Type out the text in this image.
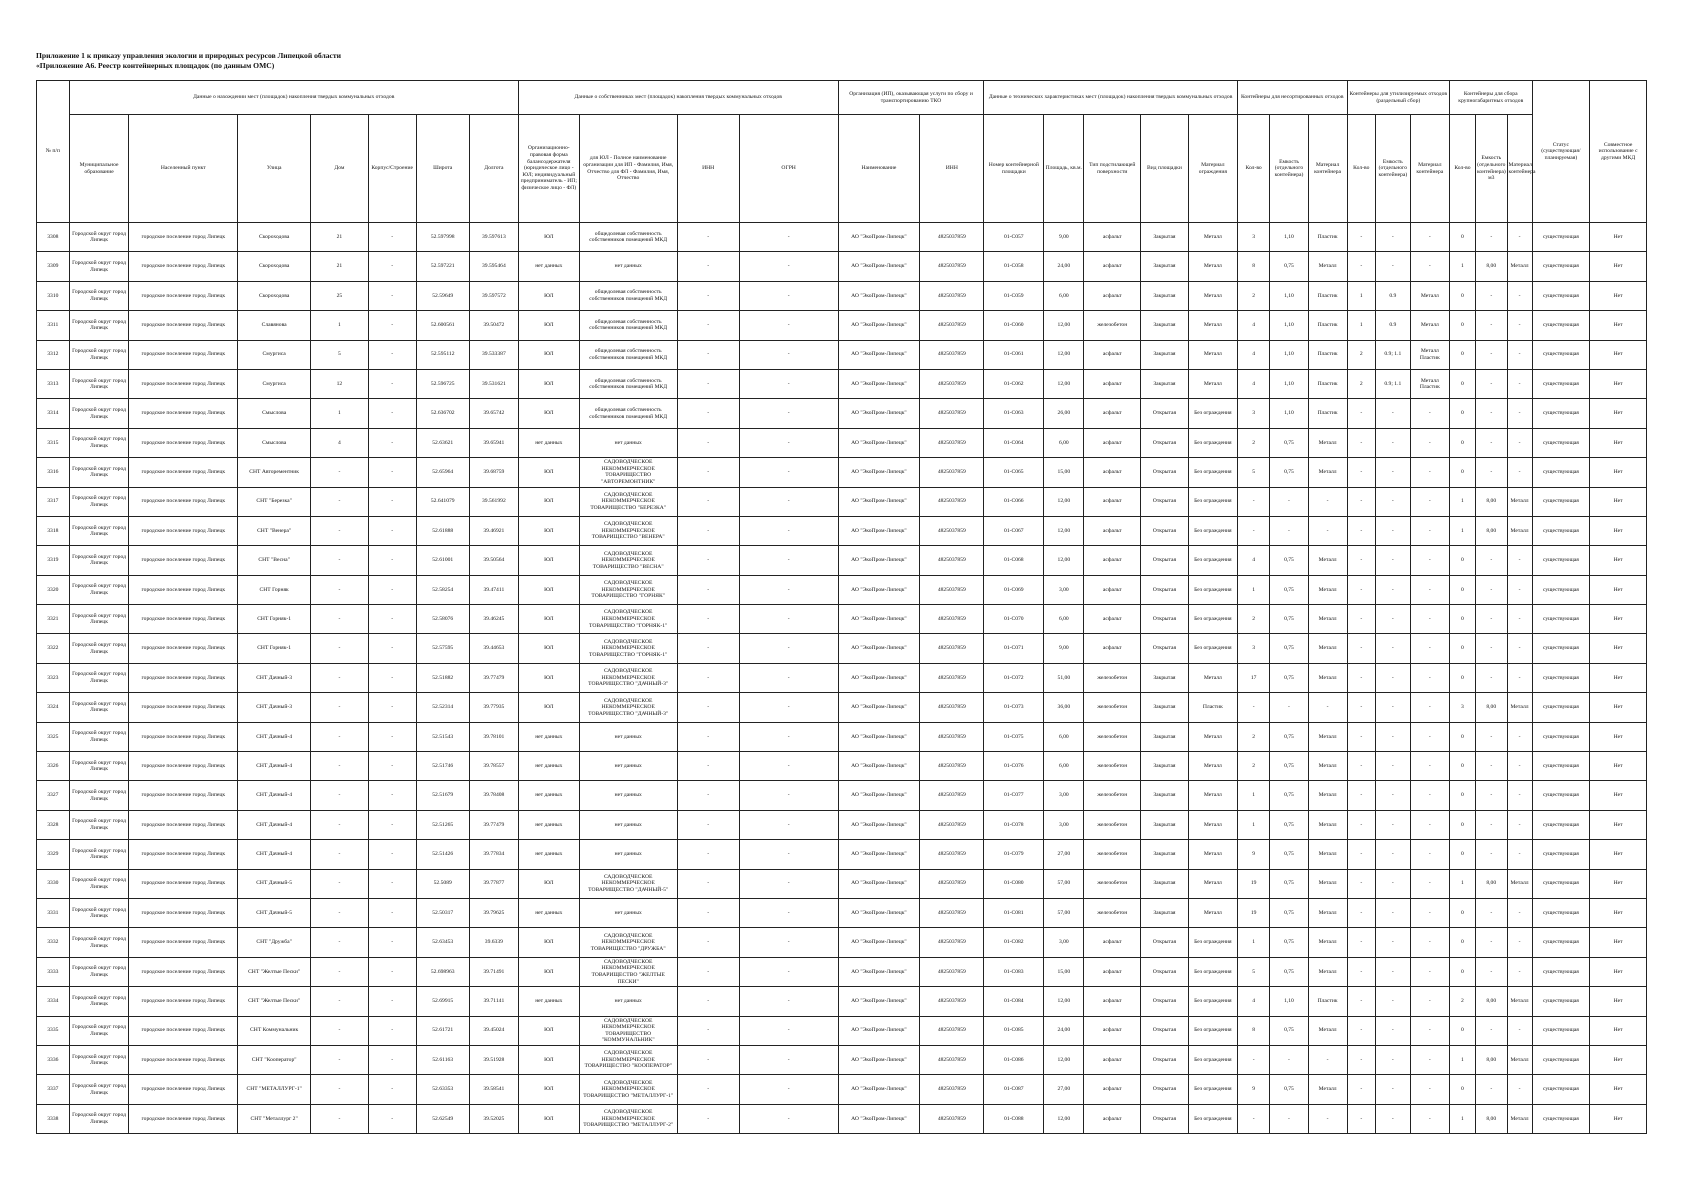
Приложение 1 к приказу управления экологии и природных ресурсов Липецкой области
«Приложение А6. Реестр контейнерных площадок (по данным ОМС)
№ п/п	Данные о нахождении мест (площадок) накопления твердых коммунальных отходов							Данные о собственниках мест (площадок) накопления твердых коммунальных отходов				Организация (ИП), оказывающая услуги по сбору и транспортированию ТКО		Данные о технических характеристиках мест (площадок) накопления твердых коммунальных отходов					Контейнеры для несортированных отходов			Контейнеры для утилизируемых отходов (раздельный сбор)			Контейнеры для сбора крупногабаритных отходов			Статус (существующая/планируемая)	Совместное использование с другими МКД
	Муниципальное образование	Населенный пункт	Улица	Дом	Корпус/Строение	Широта	Долгота	Организационно-правовая форма балансодержателя (юридическое лицо - ЮЛ; индивидуальный предприниматель - ИП; физическое лицо - ФЛ)	для ЮЛ - Полное наименование организации для ИП - Фамилия, Имя, Отчество для ФЛ - Фамилия, Имя, Отчество	ИНН	ОГРН	Наименование	ИНН	Номер контейнерной площадки	Площадь, кв.м.	Тип подстилающей поверхности	Вид площадки	Материал ограждения	Кол-во	Емкость (отдельного контейнера)	Материал контейнера	Кол-во	Емкость (отдельного контейнера)	Материал контейнера	Кол-во	Емкость (отдельного контейнера) м3	Материал контейнера		

3308	Городской округ город Липецк	городское поселение город Липецк	Скороходова	21	-	52.597998	39.597613	ЮЛ	общедолевая собственность собственников помещений МКД	-	-	АО "ЭкоПром-Липецк"	4825037859	01-С057	9,00	асфальт	Закрытая	Металл	3	1,10	Пластик	-	-	-	0	-	-	существующая	Нет

3309	Городской округ город Липецк	городское поселение город Липецк	Скороходова	21	-	52.597221	39.595464	нет данных	нет данных	-	-	АО "ЭкоПром-Липецк"	4825037859	01-С058	24,00	асфальт	Закрытая	Металл	8	0,75	Металл	-	-	-	1	8,00	Металл	существующая	Нет

3310	Городской округ город Липецк	городское поселение город Липецк	Скороходова	25	-	52.59649	39.597572	ЮЛ	общедолевая собственность собственников помещений МКД	-	-	АО "ЭкоПром-Липецк"	4825037859	01-С059	6,00	асфальт	Закрытая	Металл	2	1,10	Пластик	1	0.9	Металл	0	-	-	существующая	Нет

3311	Городской округ город Липецк	городское поселение город Липецк	Славянова	1	-	52.600561	39.50472	ЮЛ	общедолевая собственность собственников помещений МКД	-	-	АО "ЭкоПром-Липецк"	4825037859	01-С060	12,00	железобетон	Закрытая	Металл	4	1,10	Пластик	1	0.9	Металл	0	-	-	существующая	Нет

3312	Городской округ город Липецк	городское поселение город Липецк	Смургиса	5	-	52.595112	39.533387	ЮЛ	общедолевая собственность собственников помещений МКД	-	-	АО "ЭкоПром-Липецк"	4825037859	01-С061	12,00	асфальт	Закрытая	Металл	4	1,10	Пластик	2	0.9; 1.1	Металл Пластик	0	-	-	существующая	Нет

3313	Городской округ город Липецк	городское поселение город Липецк	Смургиса	12	-	52.596725	39.531621	ЮЛ	общедолевая собственность собственников помещений МКД	-	-	АО "ЭкоПром-Липецк"	4825037859	01-С062	12,00	асфальт	Закрытая	Металл	4	1,10	Пластик	2	0.9; 1.1	Металл Пластик	0	-	-	существующая	Нет

3314	Городской округ город Липецк	городское поселение город Липецк	Смыслова	1	-	52.636702	39.65742	ЮЛ	общедолевая собственность собственников помещений МКД	-	-	АО "ЭкоПром-Липецк"	4825037859	01-С063	26,00	асфальт	Открытая	Без ограждения	3	1,10	Пластик	-	-	-	0	-	-	существующая	Нет

3315	Городской округ город Липецк	городское поселение город Липецк	Смыслова	4	-	52.63621	39.65941	нет данных	нет данных	-	-	АО "ЭкоПром-Липецк"	4825037859	01-С064	6,00	асфальт	Открытая	Без ограждения	2	0,75	Металл	-	-	-	0	-	-	существующая	Нет

3316	Городской округ город Липецк	городское поселение город Липецк	СНТ Авторементник	-	-	52.65964	39.68759	ЮЛ	САДОВОДЧЕСКОЕ НЕКОММЕРЧЕСКОЕ ТОВАРИЩЕСТВО "АВТОРЕМОНТНИК"	-	-	АО "ЭкоПром-Липецк"	4825037859	01-С065	15,00	асфальт	Открытая	Без ограждения	5	0,75	Металл	-	-	-	0	-	-	существующая	Нет

3317	Городской округ город Липецк	городское поселение город Липецк	СНТ "Березка"	-	-	52.641079	39.561992	ЮЛ	САДОВОДЧЕСКОЕ НЕКОММЕРЧЕСКОЕ ТОВАРИЩЕСТВО "БЕРЕЗКА"	-	-	АО "ЭкоПром-Липецк"	4825037859	01-С066	12,00	асфальт	Открытая	Без ограждения	-	-	-	-	-	-	1	8,00	Металл	существующая	Нет

3318	Городской округ город Липецк	городское поселение город Липецк	СНТ "Венера"	-	-	52.61888	39.46921	ЮЛ	САДОВОДЧЕСКОЕ НЕКОММЕРЧЕСКОЕ ТОВАРИЩЕСТВО "ВЕНЕРА"	-	-	АО "ЭкоПром-Липецк"	4825037859	01-С067	12,00	асфальт	Открытая	Без ограждения	-	-	-	-	-	-	1	8,00	Металл	существующая	Нет

3319	Городской округ город Липецк	городское поселение город Липецк	СНТ "Весна"	-	-	52.61001	39.50564	ЮЛ	САДОВОДЧЕСКОЕ НЕКОММЕРЧЕСКОЕ ТОВАРИЩЕСТВО "ВЕСНА"	-	-	АО "ЭкоПром-Липецк"	4825037859	01-С068	12,00	асфальт	Открытая	Без ограждения	4	0,75	Металл	-	-	-	0	-	-	существующая	Нет

3320	Городской округ город Липецк	городское поселение город Липецк	СНТ Горняк	-	-	52.58254	39.47411	ЮЛ	САДОВОДЧЕСКОЕ НЕКОММЕРЧЕСКОЕ ТОВАРИЩЕСТВО "ГОРНЯК"	-	-	АО "ЭкоПром-Липецк"	4825037859	01-С069	3,00	асфальт	Открытая	Без ограждения	1	0,75	Металл	-	-	-	0	-	-	существующая	Нет

3321	Городской округ город Липецк	городское поселение город Липецк	СНТ Горняк-1	-	-	52.58076	39.46245	ЮЛ	САДОВОДЧЕСКОЕ НЕКОММЕРЧЕСКОЕ ТОВАРИЩЕСТВО "ГОРНЯК-1"	-	-	АО "ЭкоПром-Липецк"	4825037859	01-С070	6,00	асфальт	Открытая	Без ограждения	2	0,75	Металл	-	-	-	0	-	-	существующая	Нет

3322	Городской округ город Липецк	городское поселение город Липецк	СНТ Горняк-1	-	-	52.57595	39.44653	ЮЛ	САДОВОДЧЕСКОЕ НЕКОММЕРЧЕСКОЕ ТОВАРИЩЕСТВО "ГОРНЯК-1"	-	-	АО "ЭкоПром-Липецк"	4825037859	01-С071	9,00	асфальт	Открытая	Без ограждения	3	0,75	Металл	-	-	-	0	-	-	существующая	Нет

3323	Городской округ город Липецк	городское поселение город Липецк	СНТ Дачный-3	-	-	52.51882	39.77479	ЮЛ	САДОВОДЧЕСКОЕ НЕКОММЕРЧЕСКОЕ ТОВАРИЩЕСТВО "ДАЧНЫЙ-3"	-	-	АО "ЭкоПром-Липецк"	4825037859	01-С072	51,00	железобетон	Закрытая	Металл	17	0,75	Металл	-	-	-	0	-	-	существующая	Нет

3324	Городской округ город Липецк	городское поселение город Липецк	СНТ Дачный-3	-	-	52.52314	39.77935	ЮЛ	САДОВОДЧЕСКОЕ НЕКОММЕРЧЕСКОЕ ТОВАРИЩЕСТВО "ДАЧНЫЙ-3"	-	-	АО "ЭкоПром-Липецк"	4825037859	01-С073	36,00	железобетон	Закрытая	Пластик	-	-	-	-	-	-	3	8,00	Металл	существующая	Нет

3325	Городской округ город Липецк	городское поселение город Липецк	СНТ Дачный-4	-	-	52.51543	39.78101	нет данных	нет данных	-	-	АО "ЭкоПром-Липецк"	4825037859	01-С075	6,00	железобетон	Закрытая	Металл	2	0,75	Металл	-	-	-	0	-	-	существующая	Нет

3326	Городской округ город Липецк	городское поселение город Липецк	СНТ Дачный-4	-	-	52.51746	39.78557	нет данных	нет данных	-	-	АО "ЭкоПром-Липецк"	4825037859	01-С076	6,00	железобетон	Закрытая	Металл	2	0,75	Металл	-	-	-	0	-	-	существующая	Нет

3327	Городской округ город Липецк	городское поселение город Липецк	СНТ Дачный-4	-	-	52.51679	39.78408	нет данных	нет данных	-	-	АО "ЭкоПром-Липецк"	4825037859	01-С077	3,00	железобетон	Закрытая	Металл	1	0,75	Металл	-	-	-	0	-	-	существующая	Нет

3328	Городской округ город Липецк	городское поселение город Липецк	СНТ Дачный-4	-	-	52.51265	39.77479	нет данных	нет данных	-	-	АО "ЭкоПром-Липецк"	4825037859	01-С078	3,00	железобетон	Закрытая	Металл	1	0,75	Металл	-	-	-	0	-	-	существующая	Нет

3329	Городской округ город Липецк	городское поселение город Липецк	СНТ Дачный-4	-	-	52.51426	39.77834	нет данных	нет данных	-	-	АО "ЭкоПром-Липецк"	4825037859	01-С079	27,00	железобетон	Закрытая	Металл	9	0,75	Металл	-	-	-	0	-	-	существующая	Нет

3330	Городской округ город Липецк	городское поселение город Липецк	СНТ Дачный-5	-	-	52.5089	39.77877	ЮЛ	САДОВОДЧЕСКОЕ НЕКОММЕРЧЕСКОЕ ТОВАРИЩЕСТВО "ДАЧНЫЙ-5"	-	-	АО "ЭкоПром-Липецк"	4825037859	01-С080	57,00	железобетон	Закрытая	Металл	19	0,75	Металл	-	-	-	1	8,00	Металл	существующая	Нет

3331	Городской округ город Липецк	городское поселение город Липецк	СНТ Дачный-5	-	-	52.50317	39.79625	нет данных	нет данных	-	-	АО "ЭкоПром-Липецк"	4825037859	01-С081	57,00	железобетон	Закрытая	Металл	19	0,75	Металл	-	-	-	0	-	-	существующая	Нет

3332	Городской округ город Липецк	городское поселение город Липецк	СНТ "Дружба"	-	-	52.63453	39.6339	ЮЛ	САДОВОДЧЕСКОЕ НЕКОММЕРЧЕСКОЕ ТОВАРИЩЕСТВО "ДРУЖБА"	-	-	АО "ЭкоПром-Липецк"	4825037859	01-С082	3,00	асфальт	Открытая	Без ограждения	1	0,75	Металл	-	-	-	0	-	-	существующая	Нет

3333	Городской округ город Липецк	городское поселение город Липецк	СНТ "Желтые Пески"	-	-	52.698963	39.71491	ЮЛ	САДОВОДЧЕСКОЕ НЕКОММЕРЧЕСКОЕ ТОВАРИЩЕСТВО "ЖЕЛТЫЕ ПЕСКИ"	-	-	АО "ЭкоПром-Липецк"	4825037859	01-С083	15,00	асфальт	Открытая	Без ограждения	5	0,75	Металл	-	-	-	0	-	-	существующая	Нет

3334	Городской округ город Липецк	городское поселение город Липецк	СНТ "Желтые Пески"	-	-	52.69915	39.71141	нет данных	нет данных	-	-	АО "ЭкоПром-Липецк"	4825037859	01-С084	12,00	асфальт	Открытая	Без ограждения	4	1,10	Пластик	-	-	-	2	8,00	Металл	существующая	Нет

3335	Городской округ город Липецк	городское поселение город Липецк	СНТ Коммунальник	-	-	52.61721	39.45024	ЮЛ	САДОВОДЧЕСКОЕ НЕКОММЕРЧЕСКОЕ ТОВАРИЩЕСТВО "КОММУНАЛЬНИК"	-	-	АО "ЭкоПром-Липецк"	4825037859	01-С085	24,00	асфальт	Открытая	Без ограждения	8	0,75	Металл	-	-	-	0	-	-	существующая	Нет

3336	Городской округ город Липецк	городское поселение город Липецк	СНТ "Кооператор"	-	-	52.61163	39.51928	ЮЛ	САДОВОДЧЕСКОЕ НЕКОММЕРЧЕСКОЕ ТОВАРИЩЕСТВО "КООПЕРАТОР"	-	-	АО "ЭкоПром-Липецк"	4825037859	01-С086	12,00	асфальт	Открытая	Без ограждения	-	-	-	-	-	-	1	8,00	Металл	существующая	Нет

3337	Городской округ город Липецк	городское поселение город Липецк	СНТ "МЕТАЛЛУРГ-1"	-	-	52.63353	39.58541	ЮЛ	САДОВОДЧЕСКОЕ НЕКОММЕРЧЕСКОЕ ТОВАРИЩЕСТВО "МЕТАЛЛУРГ-1"	-	-	АО "ЭкоПром-Липецк"	4825037859	01-С087	27,00	асфальт	Открытая	Без ограждения	9	0,75	Металл	-	-	-	0	-	-	существующая	Нет

3338	Городской округ город Липецк	городское поселение город Липецк	СНТ "Металлург 2"	-	-	52.62549	39.52025	ЮЛ	САДОВОДЧЕСКОЕ НЕКОММЕРЧЕСКОЕ ТОВАРИЩЕСТВО "МЕТАЛЛУРГ-2"	-	-	АО "ЭкоПром-Липецк"	4825037859	01-С088	12,00	асфальт	Открытая	Без ограждения	-	-	-	-	-	-	1	8,00	Металл	существующая	Нет
